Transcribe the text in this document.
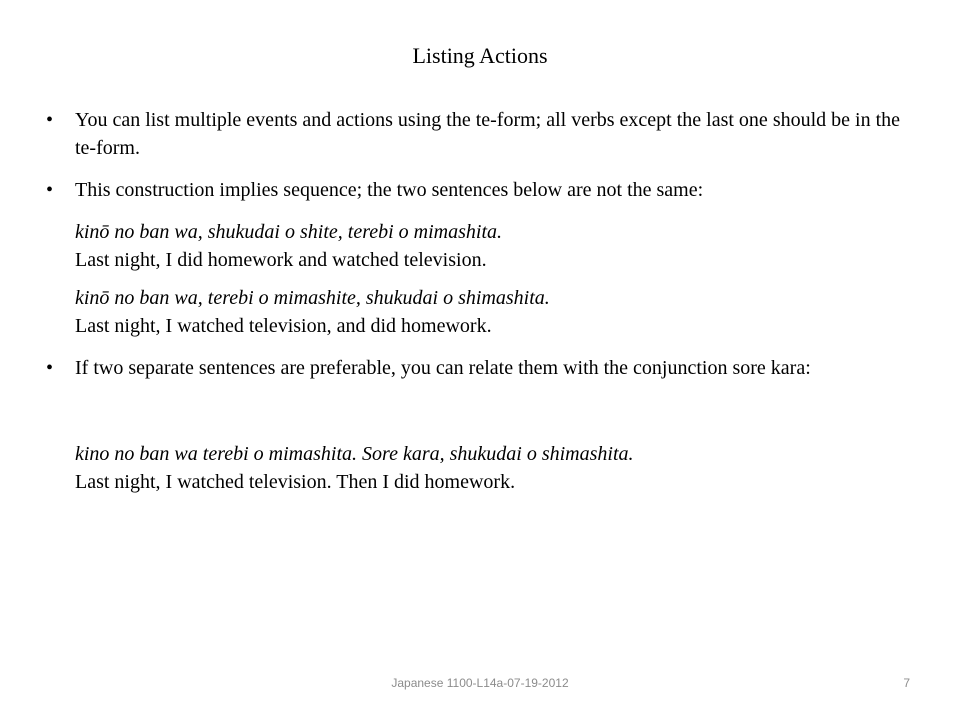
Listing Actions
•	You can list multiple events and actions using the te-form; all verbs except the last one should be in the te-form.
•	This construction implies sequence; the two sentences below are not the same:
kinō no ban wa, shukudai o shite, terebi o mimashita.
Last night, I did homework and watched television.
kinō no ban wa, terebi o mimashite, shukudai o shimashita.
Last night, I watched television, and did homework.
•	If two separate sentences are preferable, you can relate them with the conjunction sore kara:
kino no ban wa terebi o mimashita. Sore kara, shukudai o shimashita.
Last night, I watched television. Then I did homework.
Japanese 1100-L14a-07-19-2012	7
